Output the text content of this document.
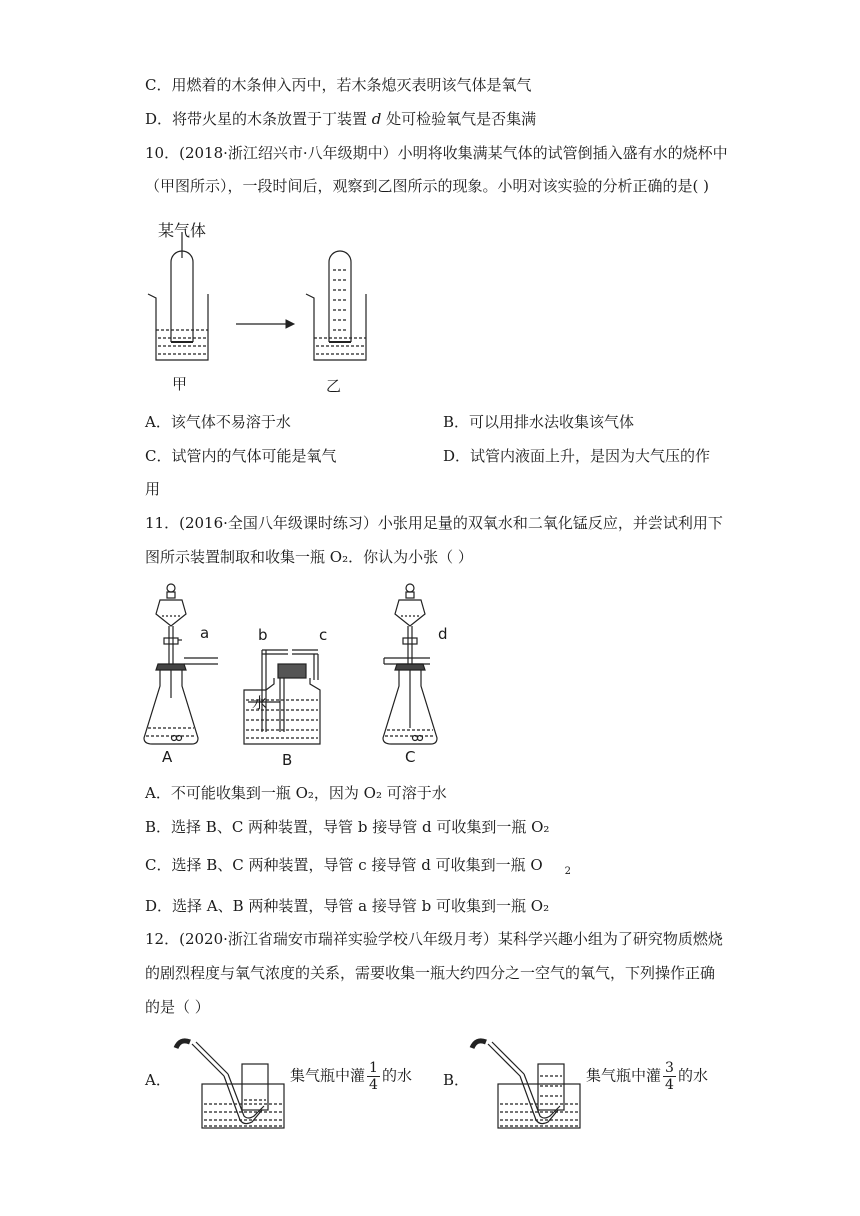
C．用燃着的木条伸入丙中，若木条熄灭表明该气体是氧气
D．将带火星的木条放置于丁装置 d 处可检验氧气是否集满
10．(2018·浙江绍兴市·八年级期中）小明将收集满某气体的试管倒插入盛有水的烧杯中
（甲图所示），一段时间后，观察到乙图所示的现象。小明对该实验的分析正确的是( )
某气体
甲	乙
A．该气体不易溶于水	B．可以用排水法收集该气体
C．试管内的气体可能是氧气	D．试管内液面上升，是因为大气压的作
用
11．(2016·全国八年级课时练习）小张用足量的双氧水和二氧化锰反应，并尝试利用下
图所示装置制取和收集一瓶 O₂．你认为小张（ ）
a	b	c	d
水
A	B	C
A．不可能收集到一瓶 O₂，因为 O₂ 可溶于水
B．选择 B、C 两种装置，导管 b 接导管 d 可收集到一瓶 O₂
C．选择 B、C 两种装置，导管 c 接导管 d 可收集到一瓶 O $_2$
D．选择 A、B 两种装置，导管 a 接导管 b 可收集到一瓶 O₂
12．(2020·浙江省瑞安市瑞祥实验学校八年级月考）某科学兴趣小组为了研究物质燃烧
的剧烈程度与氧气浓度的关系，需要收集一瓶大约四分之一空气的氧气，下列操作正确
的是（ ）
A．	集气瓶中灌 $\frac{1}{4}$ 的水 B．	集气瓶中灌 $\frac{3}{4}$ 的水
